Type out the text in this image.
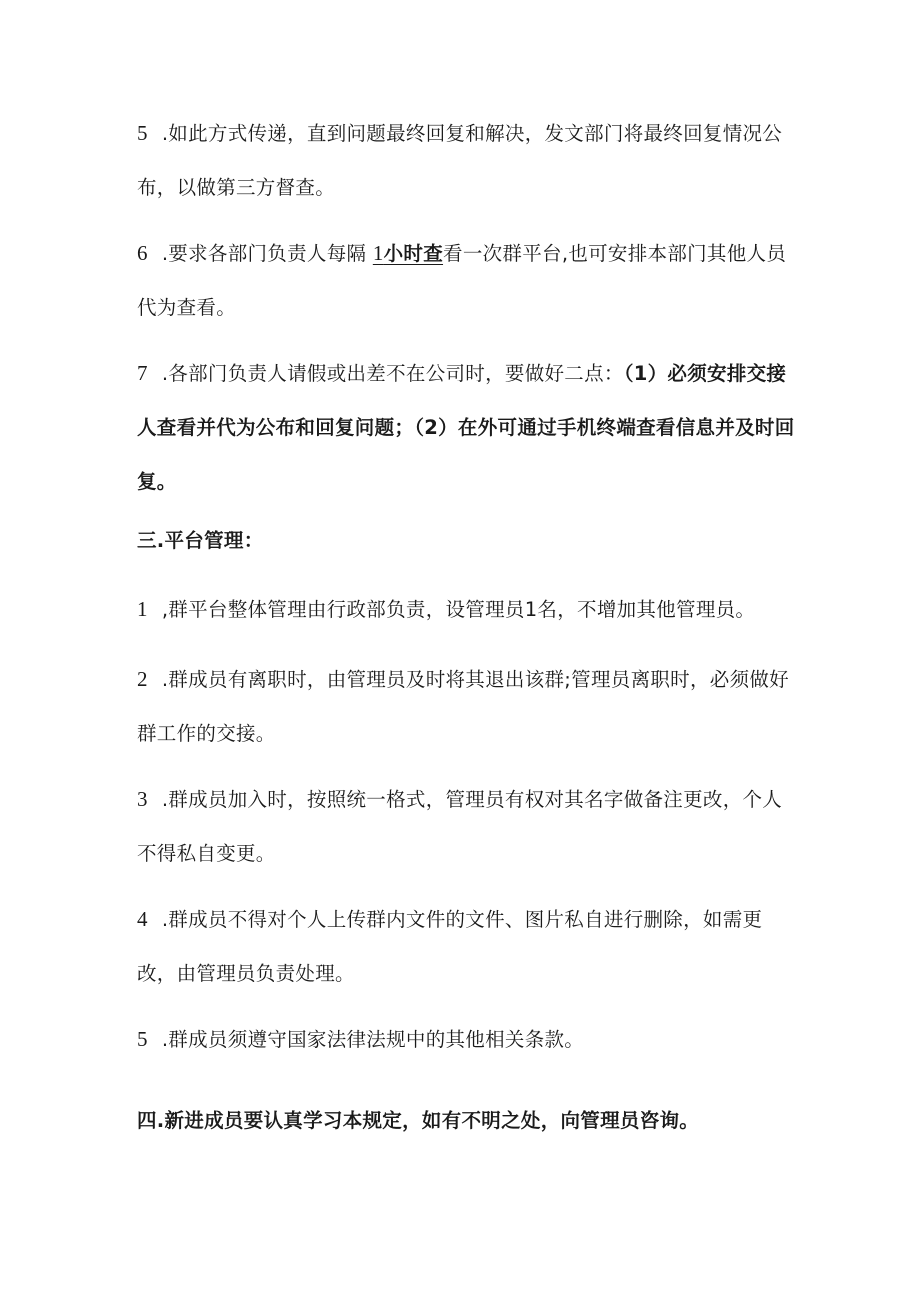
5 .如此方式传递，直到问题最终回复和解决，发文部门将最终回复情况公布，以做第三方督查。
6 .要求各部门负责人每隔 1小时查看一次群平台,也可安排本部门其他人员代为查看。
7 .各部门负责人请假或出差不在公司时，要做好二点：（1）必须安排交接人查看并代为公布和回复问题；（2）在外可通过手机终端查看信息并及时回复。
三.平台管理：
1 ,群平台整体管理由行政部负责，设管理员1名，不增加其他管理员。
2 .群成员有离职时，由管理员及时将其退出该群;管理员离职时，必须做好群工作的交接。
3 .群成员加入时，按照统一格式，管理员有权对其名字做备注更改，个人不得私自变更。
4 .群成员不得对个人上传群内文件的文件、图片私自进行删除，如需更改，由管理员负责处理。
5 .群成员须遵守国家法律法规中的其他相关条款。
四.新进成员要认真学习本规定，如有不明之处，向管理员咨询。
